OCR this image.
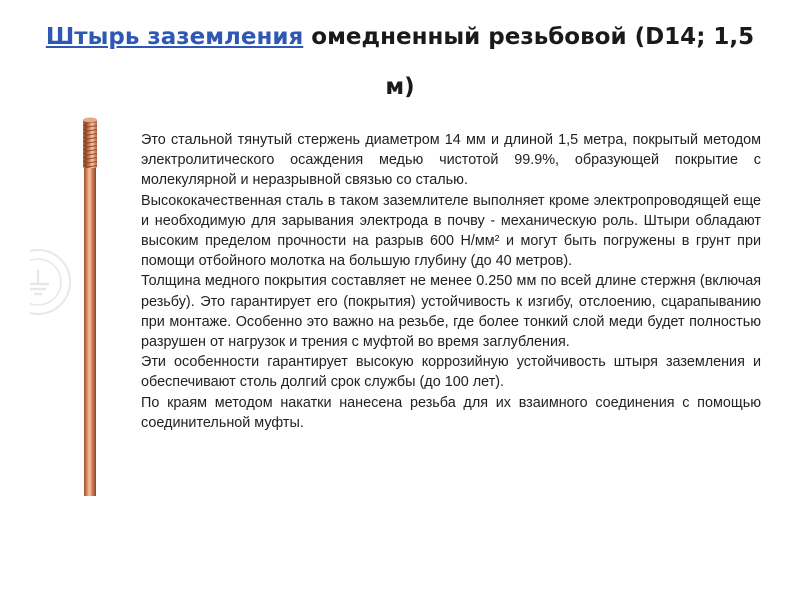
Штырь заземления омедненный резьбовой (D14; 1,5 м)

Это стальной тянутый стержень диаметром 14 мм и длиной 1,5 метра, покрытый методом электролитического осаждения медью чистотой 99.9%, образующей покрытие с молекулярной и неразрывной связью со сталью.

Высококачественная сталь в таком заземлителе выполняет кроме электропроводящей еще и необходимую для зарывания электрода в почву - механическую роль. Штыри обладают высоким пределом прочности на разрыв 600 Н/мм² и могут быть погружены в грунт при помощи отбойного молотка на большую глубину (до 40 метров).

Толщина медного покрытия составляет не менее 0.250 мм по всей длине стержня (включая резьбу). Это гарантирует его (покрытия) устойчивость к изгибу, отслоению, сцарапыванию при монтаже. Особенно это важно на резьбе, где более тонкий слой меди будет полностью разрушен от нагрузок и трения с муфтой во время заглубления.

Эти особенности гарантирует высокую коррозийную устойчивость штыря заземления и обеспечивают столь долгий срок службы (до 100 лет).

По краям методом накатки нанесена резьба для их взаимного соединения с помощью соединительной муфты.
